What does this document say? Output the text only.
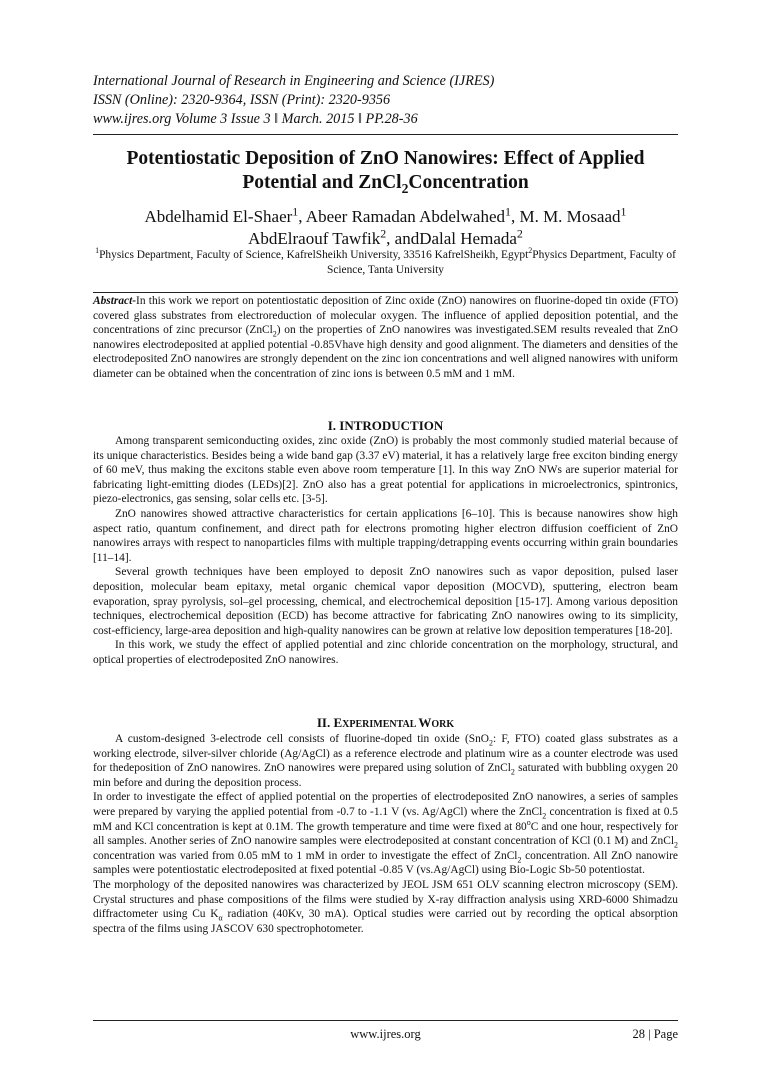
International Journal of Research in Engineering and Science (IJRES)
ISSN (Online): 2320-9364, ISSN (Print): 2320-9356
www.ijres.org Volume 3 Issue 3 ǁ March. 2015 ǁ PP.28-36
Potentiostatic Deposition of ZnO Nanowires: Effect of Applied
Potential and ZnCl$_2$Concentration
Abdelhamid El-Shaer$^1$, Abeer Ramadan Abdelwahed$^1$, M. M. Mosaad$^1$
AbdElraouf Tawfik$^2$, andDalal Hemada$^2$
$^1$Physics Department, Faculty of Science, KafrelSheikh University, 33516 KafrelSheikh, Egypt$^2$Physics Department, Faculty of Science, Tanta University
Abstract-In this work we report on potentiostatic deposition of Zinc oxide (ZnO) nanowires on fluorine-doped tin oxide (FTO) covered glass substrates from electroreduction of molecular oxygen. The influence of applied deposition potential, and the concentrations of zinc precursor (ZnCl$_2$) on the properties of ZnO nanowires was investigated.SEM results revealed that ZnO nanowires electrodeposited at applied potential -0.85Vhave high density and good alignment. The diameters and densities of the electrodeposited ZnO nanowires are strongly dependent on the zinc ion concentrations and well aligned nanowires with uniform diameter can be obtained when the concentration of zinc ions is between 0.5 mM and 1 mM.
I. INTRODUCTION

Among transparent semiconducting oxides, zinc oxide (ZnO) is probably the most commonly studied material because of its unique characteristics. Besides being a wide band gap (3.37 eV) material, it has a relatively large free exciton binding energy of 60 meV, thus making the excitons stable even above room temperature [1]. In this way ZnO NWs are superior material for fabricating light-emitting diodes (LEDs)[2]. ZnO also has a great potential for applications in microelectronics, spintronics, piezo-electronics, gas sensing, solar cells etc. [3-5].

ZnO nanowires showed attractive characteristics for certain applications [6–10]. This is because nanowires show high aspect ratio, quantum confinement, and direct path for electrons promoting higher electron diffusion coefficient of ZnO nanowires arrays with respect to nanoparticles films with multiple trapping/detrapping events occurring within grain boundaries [11–14].

Several growth techniques have been employed to deposit ZnO nanowires such as vapor deposition, pulsed laser deposition, molecular beam epitaxy, metal organic chemical vapor deposition (MOCVD), sputtering, electron beam evaporation, spray pyrolysis, sol–gel processing, chemical, and electrochemical deposition [15-17]. Among various deposition techniques, electrochemical deposition (ECD) has become attractive for fabricating ZnO nanowires owing to its simplicity, cost-efficiency, large-area deposition and high-quality nanowires can be grown at relative low deposition temperatures [18-20].

In this work, we study the effect of applied potential and zinc chloride concentration on the morphology, structural, and optical properties of electrodeposited ZnO nanowires.

II. EXPERIMENTAL WORK

A custom-designed 3-electrode cell consists of fluorine-doped tin oxide (SnO$_2$: F, FTO) coated glass substrates as a working electrode, silver-silver chloride (Ag/AgCl) as a reference electrode and platinum wire as a counter electrode was used for thedeposition of ZnO nanowires. ZnO nanowires were prepared using solution of ZnCl$_2$ saturated with bubbling oxygen 20 min before and during the deposition process.

In order to investigate the effect of applied potential on the properties of electrodeposited ZnO nanowires, a series of samples were prepared by varying the applied potential from -0.7 to -1.1 V (vs. Ag/AgCl) where the ZnCl$_2$ concentration is fixed at 0.5 mM and KCl concentration is kept at 0.1M. The growth temperature and time were fixed at 80$^o$C and one hour, respectively for all samples. Another series of ZnO nanowire samples were electrodeposited at constant concentration of KCl (0.1 M) and ZnCl$_2$ concentration was varied from 0.05 mM to 1 mM in order to investigate the effect of ZnCl$_2$ concentration. All ZnO nanowire samples were potentiostatic electrodeposited at fixed potential -0.85 V (vs.Ag/AgCl) using Bio-Logic Sb-50 potentiostat.

The morphology of the deposited nanowires was characterized by JEOL JSM 651 OLV scanning electron microscopy (SEM). Crystal structures and phase compositions of the films were studied by X-ray diffraction analysis using XRD-6000 Shimadzu diffractometer using Cu $K_\alpha$ radiation (40Kv, 30 mA). Optical studies were carried out by recording the optical absorption spectra of the films using JASCOV 630 spectrophotometer.

www.ijres.org	28 | Page
